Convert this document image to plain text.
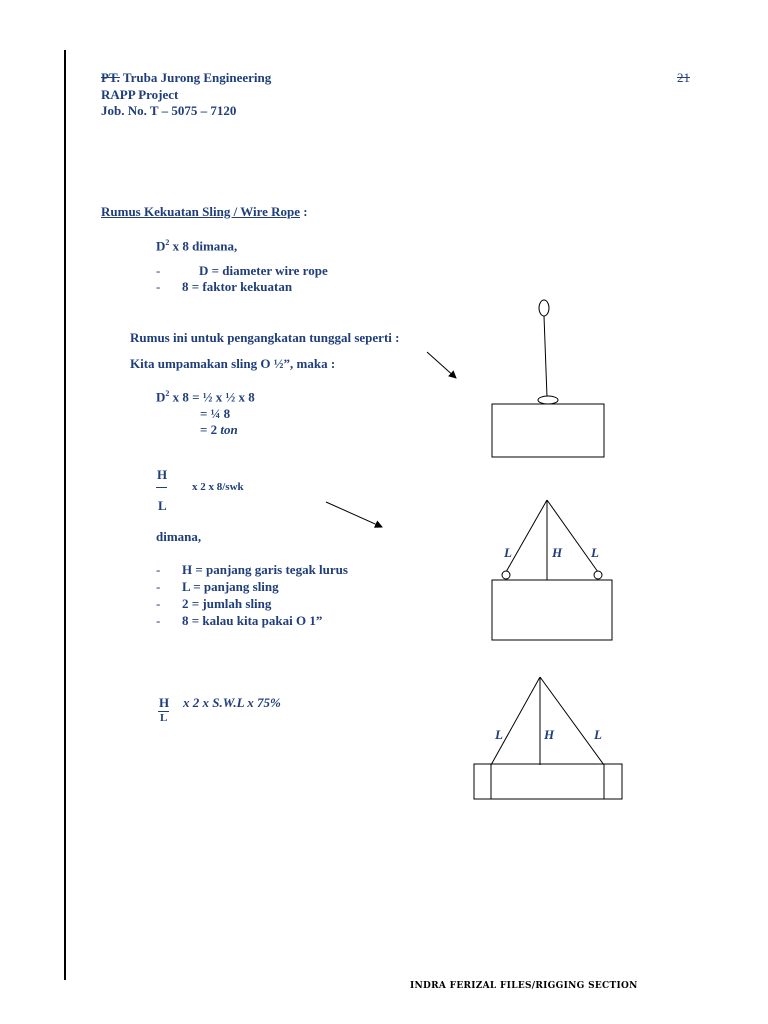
PT. Truba Jurong Engineering
RAPP Project
Job. No. T – 5075 – 7120
21
Rumus Kekuatan Sling / Wire Rope :
$D^2$ x 8 dimana,
-	D = diameter wire rope
- 8 = faktor kekuatan
Rumus ini untuk pengangkatan tunggal seperti :
Kita umpamakan sling O ½”, maka :
$D^2$ x 8 = ½ x ½ x 8
= ¼ 8
= 2 ton
H
L
x 2 x 8/swk
dimana,
- H = panjang garis tegak lurus
- L = panjang sling
- 2 = jumlah sling
- 8 = kalau kita pakai O 1”
H
L
x 2 x S.W.L x 75%
L	H L
L	H	L
INDRA FERIZAL FILES/RIGGING SECTION
